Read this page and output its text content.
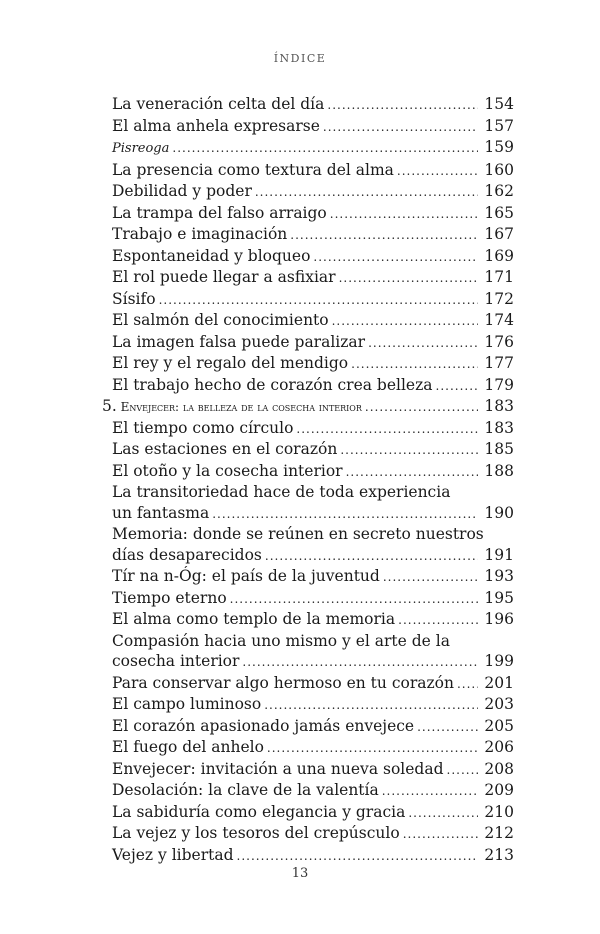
ÍNDICE
La veneración celta del día .....	154
El alma anhela expresarse .....	157
Pisreoga .....	159
La presencia como textura del alma .....	160
Debilidad y poder .....	162
La trampa del falso arraigo .....	165
Trabajo e imaginación .....	167
Espontaneidad y bloqueo .....	169
El rol puede llegar a asfixiar .....	171
Sísifo .....	172
El salmón del conocimiento .....	174
La imagen falsa puede paralizar .....	176
El rey y el regalo del mendigo .....	177
El trabajo hecho de corazón crea belleza .....	179
5. Envejecer: la belleza de la cosecha interior .....	183
El tiempo como círculo .....	183
Las estaciones en el corazón .....	185
El otoño y la cosecha interior .....	188
La transitoriedad hace de toda experiencia
un fantasma .....	190
Memoria: donde se reúnen en secreto nuestros
días desaparecidos .....	191
Tír na n-Óg: el país de la juventud .....	193
Tiempo eterno .....	195
El alma como templo de la memoria .....	196
Compasión hacia uno mismo y el arte de la
cosecha interior .....	199
Para conservar algo hermoso en tu corazón ..... 201
El campo luminoso .....	203
El corazón apasionado jamás envejece .....	205
El fuego del anhelo .....	206
Envejecer: invitación a una nueva soledad .....	208
Desolación: la clave de la valentía .....	209
La sabiduría como elegancia y gracia .....	210
La vejez y los tesoros del crepúsculo .....	212
Vejez y libertad .....	213
13
